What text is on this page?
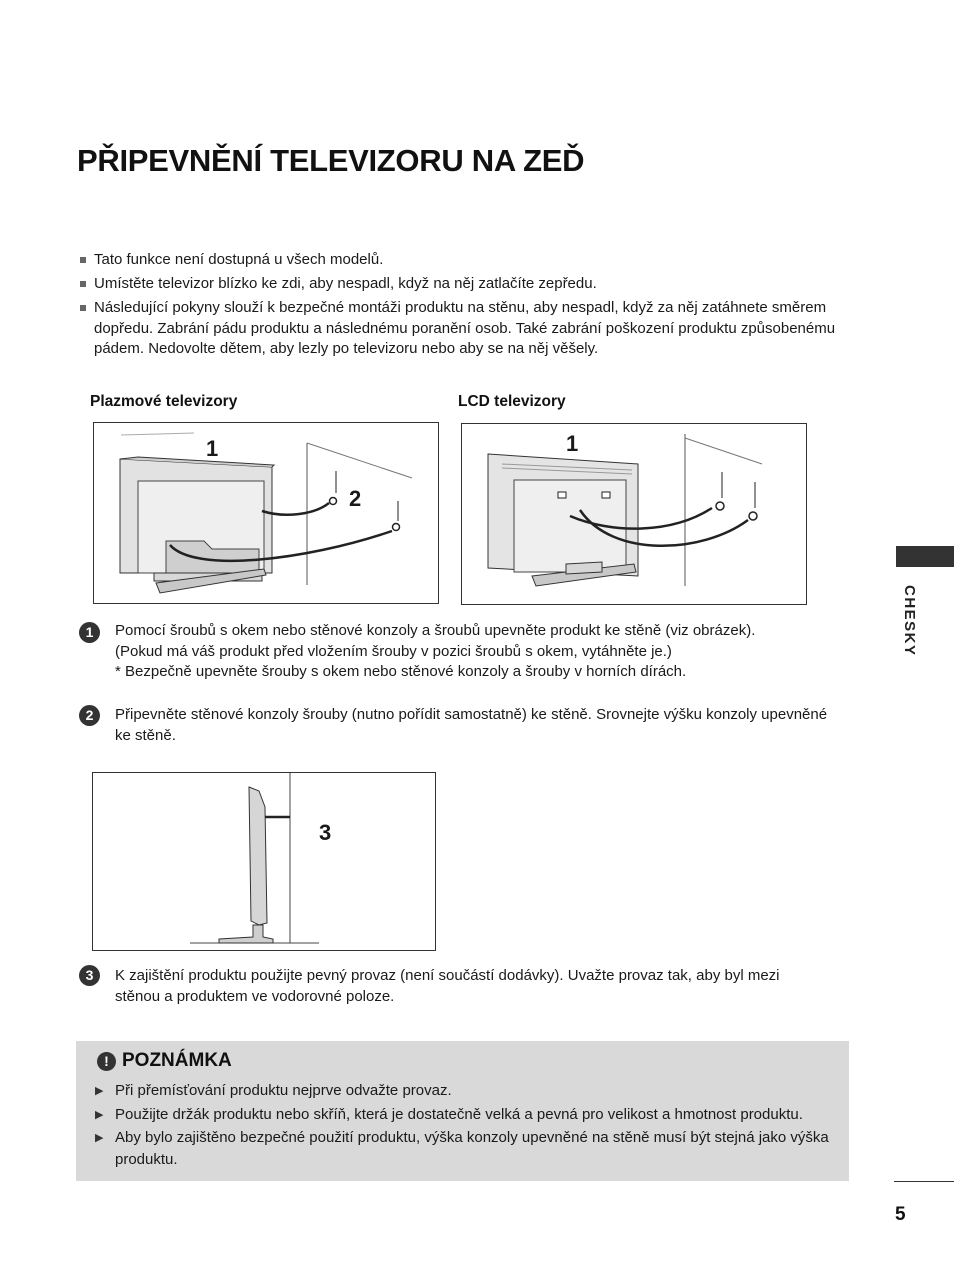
PŘIPEVNĚNÍ TELEVIZORU NA ZEĎ
Tato funkce není dostupná u všech modelů.
Umístěte televizor blízko ke zdi, aby nespadl, když na něj zatlačíte zepředu.
Následující pokyny slouží k bezpečné montáži produktu na stěnu, aby nespadl, když za něj zatáhnete směrem dopředu. Zabrání pádu produktu a následnému poranění osob. Také zabrání poškození produktu způsobenému pádem. Nedovolte dětem, aby lezly po televizoru nebo aby se na něj věšely.
Plazmové televizory	LCD televizory
1
2
1
1	Pomocí šroubů s okem nebo stěnové konzoly a šroubů upevněte produkt ke stěně (viz obrázek).
(Pokud má váš produkt před vložením šrouby v pozici šroubů s okem, vytáhněte je.)
* Bezpečně upevněte šrouby s okem nebo stěnové konzoly a šrouby v horních dírách.
2	Připevněte stěnové konzoly šrouby (nutno pořídit samostatně) ke stěně. Srovnejte výšku konzoly upevněné ke stěně.
3
3	K zajištění produktu použijte pevný provaz (není součástí dodávky). Uvažte provaz tak, aby byl mezi stěnou a produktem ve vodorovné poloze.
! POZNÁMKA
▶ Při přemísťování produktu nejprve odvažte provaz.
▶ Použijte držák produktu nebo skříň, která je dostatečně velká a pevná pro velikost a hmotnost produktu.
▶ Aby bylo zajištěno bezpečné použití produktu, výška konzoly upevněné na stěně musí být stejná jako výška produktu.
CHESKY
5
